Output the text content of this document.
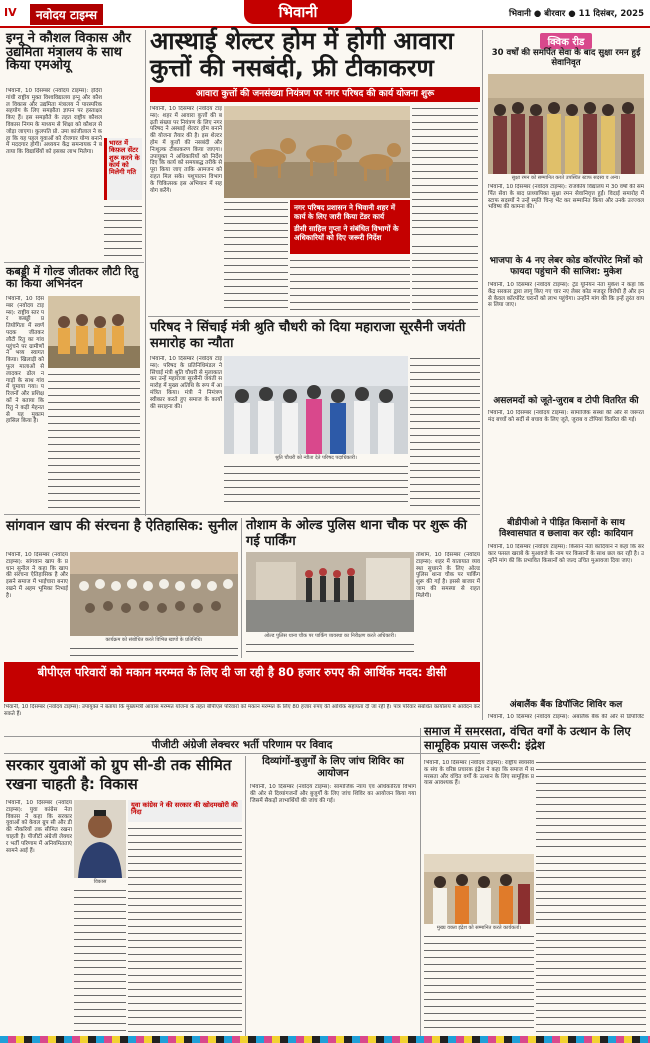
IV	नवोदय टाइम्स	भिवानी	भिवानी ● बीरवार ● 11 दिसंबर, 2025
इग्नू ने कौशल विकास और उद्यमिता मंत्रालय के साथ किया एमओयू
भिवानी, 10 दिसम्बर (नवोदय टाइम्स): इंदिरा गांधी राष्ट्रीय मुक्त विश्वविद्यालय इग्नू और कौशल विकास और उद्यमिता मंत्रालय ने पारस्परिक सहयोग के लिए समझौता ज्ञापन पर हस्ताक्षर किए हैं। इस समझौते के तहत राष्ट्रीय कौशल विकास निगम के माध्यम से शिक्षा को कौशल से जोड़ा जाएगा। कुलपति प्रो. उमा कांजीलाल ने कहा कि यह पहल युवाओं को रोजगार योग्य बनाने में मददगार होगी। अध्ययन केंद्र समन्वयक ने बताया कि विद्यार्थियों को इसका लाभ मिलेगा।
भारत में किफ़ल सेंटर शुरू करने के कार्य को मिलेगी गति
कबड्डी में गोल्ड जीतकर लौटी रितु का किया अभिनंदन
भिवानी, 10 दिसम्बर (नवोदय टाइम्स): राष्ट्रीय स्तर पर कबड्डी प्रतियोगिता में स्वर्ण पदक जीतकर लौटी रितु का गांव पहुंचने पर ग्रामीणों ने भव्य स्वागत किया। खिलाड़ी को फूल मालाओं से लादकर ढोल नगाड़ों के साथ गांव में घुमाया गया। परिजनों और प्रशिक्षकों ने बताया कि रितु ने कड़ी मेहनत से यह मुकाम हासिल किया है।
आस्थाई शेल्टर होम में होगी आवारा कुत्तों की नसबंदी, फ्री टीकाकरण
आवारा कुत्तों की जनसंख्या नियंत्रण पर नगर परिषद की कार्य योजना शुरू
भिवानी, 10 दिसम्बर (नवोदय टाइम्स): शहर में आवारा कुत्तों की बढ़ती संख्या पर नियंत्रण के लिए नगर परिषद ने अस्थाई शेल्टर होम बनाने की योजना तैयार की है। इस शेल्टर होम में कुत्तों की नसबंदी और निःशुल्क टीकाकरण किया जाएगा। उपायुक्त ने अधिकारियों को निर्देश दिए कि कार्य को समयबद्ध तरीके से पूरा किया जाए ताकि आमजन को राहत मिल सके। पशुपालन विभाग के चिकित्सक इस अभियान में सहयोग करेंगे।
नगर परिषद प्रशासन ने भिवानी शहर में कार्य के लिए जारी किया टेंडर कार्य
डीसी साहिल गुप्ता ने संबंधित विभागों के अधिकारियों को दिए जरूरी निर्देश
परिषद ने सिंचाई मंत्री श्रुति चौधरी को दिया महाराजा सूरसैनी जयंती समारोह का न्यौता
भिवानी, 10 दिसम्बर (नवोदय टाइम्स): परिषद के प्रतिनिधिमंडल ने सिंचाई मंत्री श्रुति चौधरी से मुलाकात कर उन्हें महाराजा सूरसैनी जयंती समारोह में मुख्य अतिथि के रूप में आमंत्रित किया। मंत्री ने निमंत्रण स्वीकार करते हुए समाज के कार्यों की सराहना की।
श्रुति चौधरी को न्यौता देते परिषद पदाधिकारी।
क्विक रीड
30 वर्षों की समर्पित सेवा के बाद सुक्षा रमन हुईं सेवानिवृत
सुक्षा रमन को सम्मानित करते उपस्थित स्टाफ सदस्य व अन्य।
भिवानी, 10 दिसम्बर (नवोदय टाइम्स): राजकीय विद्यालय में 30 वर्षों की समर्पित सेवा के बाद प्राध्यापिका सुक्षा रमन सेवानिवृत्त हुईं। विदाई समारोह में स्टाफ सदस्यों ने उन्हें स्मृति चिन्ह भेंट कर सम्मानित किया और उनके उज्ज्वल भविष्य की कामना की।
भाजपा के 4 नए लेबर कोड कॉरपोरेट मित्रों को फायदा पहुंचाने की साजिश: मुकेश
भिवानी, 10 दिसम्बर (नवोदय टाइम्स): ट्रेड यूनियन नेता मुकेश ने कहा कि केंद्र सरकार द्वारा लागू किए गए चार नए लेबर कोड मजदूर विरोधी हैं और इनसे केवल कॉरपोरेट घरानों को लाभ पहुंचेगा। उन्होंने मांग की कि इन्हें तुरंत वापस लिया जाए।
असलमदों को जूते-जुराब व टोपी वितरित की
भिवानी, 10 दिसम्बर (नवोदय टाइम्स): सामाजिक संस्था की ओर से जरूरतमंद बच्चों को सर्दी से बचाव के लिए जूते, जुराब व टोपियां वितरित की गई।
बीडीपीओ ने पीड़ित किसानों के साथ विश्वासघात व छलावा कर रही: कादियान
भिवानी, 10 दिसम्बर (नवोदय टाइम्स): किसान नेता कादियान ने कहा कि सरकार फसल खराबे के मुआवजे के नाम पर किसानों के साथ छल कर रही है। उन्होंने मांग की कि प्रभावित किसानों को जल्द उचित मुआवजा दिया जाए।
अंबालैंक बैंक डिपॉजिट शिविर कल
भिवानी, 10 दिसम्बर (नवोदय टाइम्स): अंबालैंक बैंक की ओर से डिपॉजिट
सांगवान खाप की संरचना है ऐतिहासिक: सुनील
भिवानी, 10 दिसम्बर (नवोदय टाइम्स): सांगवान खाप के प्रधान सुनील ने कहा कि खाप की संरचना ऐतिहासिक है और इसने समाज में भाईचारा बनाए रखने में अहम भूमिका निभाई है।
कार्यक्रम को संबोधित करते विभिन्न खापों के प्रतिनिधि।
तोशाम के ओल्ड पुलिस थाना चौक पर शुरू की गई पार्किंग
ओल्ड पुलिस थाना चौक पर पार्किंग व्यवस्था का निरीक्षण करते अधिकारी।
तोशाम, 10 दिसम्बर (नवोदय टाइम्स): शहर में यातायात व्यवस्था सुधारने के लिए ओल्ड पुलिस थाना चौक पर पार्किंग शुरू की गई है। इससे बाजार में जाम की समस्या से राहत मिलेगी।
बीपीएल परिवारों को मकान मरम्मत के लिए दी जा रही है 80 हजार रुपए की आर्थिक मदद: डीसी
भिवानी, 10 दिसम्बर (नवोदय टाइम्स): उपायुक्त ने बताया कि मुख्यमंत्री आवास मरम्मत योजना के तहत बीपीएल परिवारों को मकान मरम्मत के लिए 80 हजार रुपए की आर्थिक सहायता दी जा रही है। पात्र परिवार संबंधित कार्यालय में आवेदन कर सकते हैं।
पीजीटी अंग्रेजी लेक्चरर भर्ती परिणाम पर विवाद
सरकार युवाओं को ग्रुप सी-डी तक सीमित रखना चाहती है: विकास
भिवानी, 10 दिसम्बर (नवोदय टाइम्स): युवा कांग्रेस नेता विकास ने कहा कि सरकार युवाओं को केवल ग्रुप सी और डी की नौकरियों तक सीमित रखना चाहती है। पीजीटी अंग्रेजी लेक्चरर भर्ती परिणाम में अनियमितताएं सामने आई हैं।
विकास
युवा कांग्रेस ने की सरकार की खोदमखोरी की निंदा
दिव्यांगों-बुजुर्गों के लिए जांच शिविर का आयोजन
भिवानी, 10 दिसम्बर (नवोदय टाइम्स): सामाजिक न्याय एवं अधिकारिता विभाग की ओर से दिव्यांगजनों और बुजुर्गों के लिए जांच शिविर का आयोजन किया गया जिसमें सैकड़ों लाभार्थियों की जांच की गई।
समाज में समरसता, वंचित वर्गों के उत्थान के लिए सामूहिक प्रयास जरूरी: इंद्रेश
भिवानी, 10 दिसम्बर (नवोदय टाइम्स): राष्ट्रीय स्वयंसेवक संघ के वरिष्ठ प्रचारक इंद्रेश ने कहा कि समाज में समरसता और वंचित वर्गों के उत्थान के लिए सामूहिक प्रयास आवश्यक हैं।
मुख्य वक्ता इंद्रेश को सम्मानित करते कार्यकर्ता।
